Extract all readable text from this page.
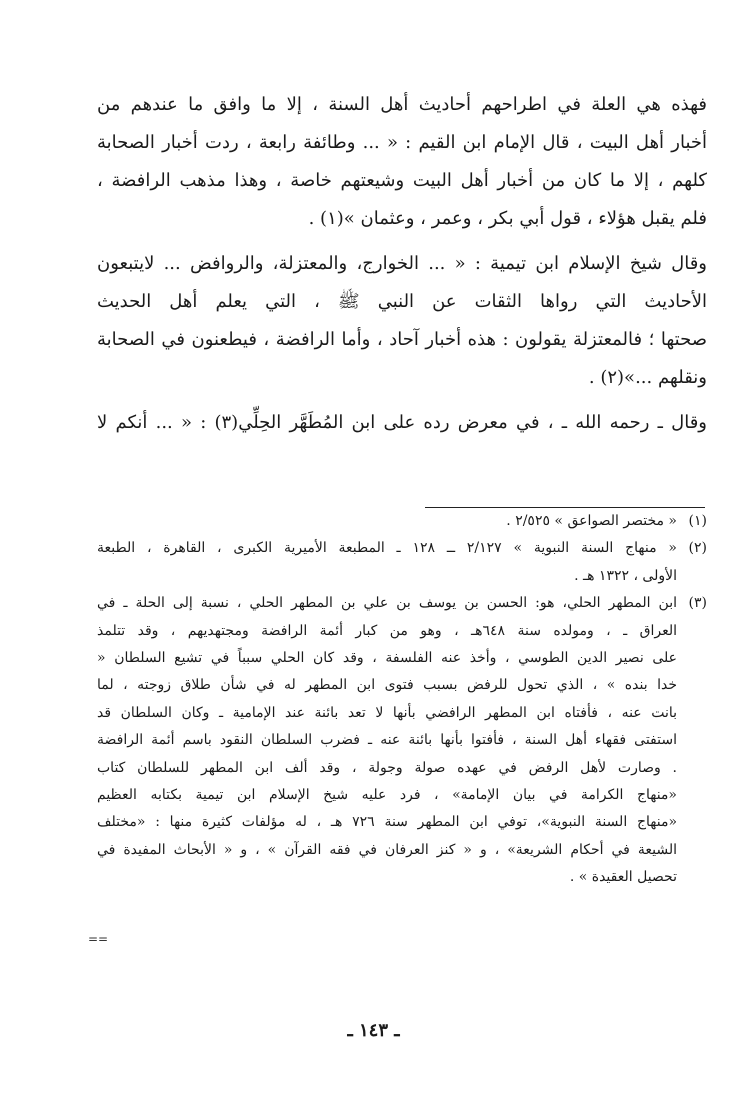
فهذه هي العلة في اطراحهم أحاديث أهل السنة ، إلا ما وافق ما عندهم من
أخبار أهل البيت ، قال الإمام ابن القيم : « ... وطائفة رابعة ، ردت أخبار الصحابة
كلهم ، إلا ما كان من أخبار أهل البيت وشيعتهم خاصة ، وهذا مذهب الرافضة ،
فلم يقبل هؤلاء ، قول أبي بكر ، وعمر ، وعثمان »(١) .
وقال شيخ الإسلام ابن تيمية : « ... الخوارج، والمعتزلة، والروافض ... لايتبعون
الأحاديث التي رواها الثقات عن النبي ﷺ ، التي يعلم أهل الحديث
صحتها ؛ فالمعتزلة يقولون : هذه أخبار آحاد ، وأما الرافضة ، فيطعنون في الصحابة
ونقلهم ...»(٢) .
وقال ـ رحمه الله ـ ، في معرض رده على ابن المُطَهَّر الحِلِّي(٣) : « ... أنكم لا
(١)
« مختصر الصواعق » ٢/٥٢٥ .
(٢)
« منهاج السنة النبوية » ٢/١٢٧ ــ ١٢٨ ـ المطبعة الأميرية الكبرى ، القاهرة ، الطبعة
الأولى ، ١٣٢٢ هـ .
(٣)
ابن المطهر الحلي، هو: الحسن بن يوسف بن علي بن المطهر الحلي ، نسبة إلى الحلة ـ في
العراق ـ ، ومولده سنة ٦٤٨هـ ، وهو من كبار أئمة الرافضة ومجتهديهم ، وقد تتلمذ
على نصير الدين الطوسي ، وأخذ عنه الفلسفة ، وقد كان الحلي سبباً في تشيع السلطان «
خدا بنده » ، الذي تحول للرفض بسبب فتوى ابن المطهر له في شأن طلاق زوجته ، لما
بانت عنه ، فأفتاه ابن المطهر الرافضي بأنها لا تعد بائنة عند الإمامية ـ وكان السلطان قد
استفتى فقهاء أهل السنة ، فأفتوا بأنها بائنة عنه ـ فضرب السلطان النقود باسم أئمة الرافضة
. وصارت لأهل الرفض في عهده صولة وجولة ، وقد ألف ابن المطهر للسلطان كتاب
«منهاج الكرامة في بيان الإمامة» ، فرد عليه شيخ الإسلام ابن تيمية بكتابه العظيم
«منهاج السنة النبوية»، توفي ابن المطهر سنة ٧٢٦ هـ ، له مؤلفات كثيرة منها : «مختلف
الشيعة في أحكام الشريعة» ، و « كنز العرفان في فقه القرآن » ، و « الأبحاث المفيدة في
تحصيل العقيدة » .
==
ـ ١٤٣ ـ
